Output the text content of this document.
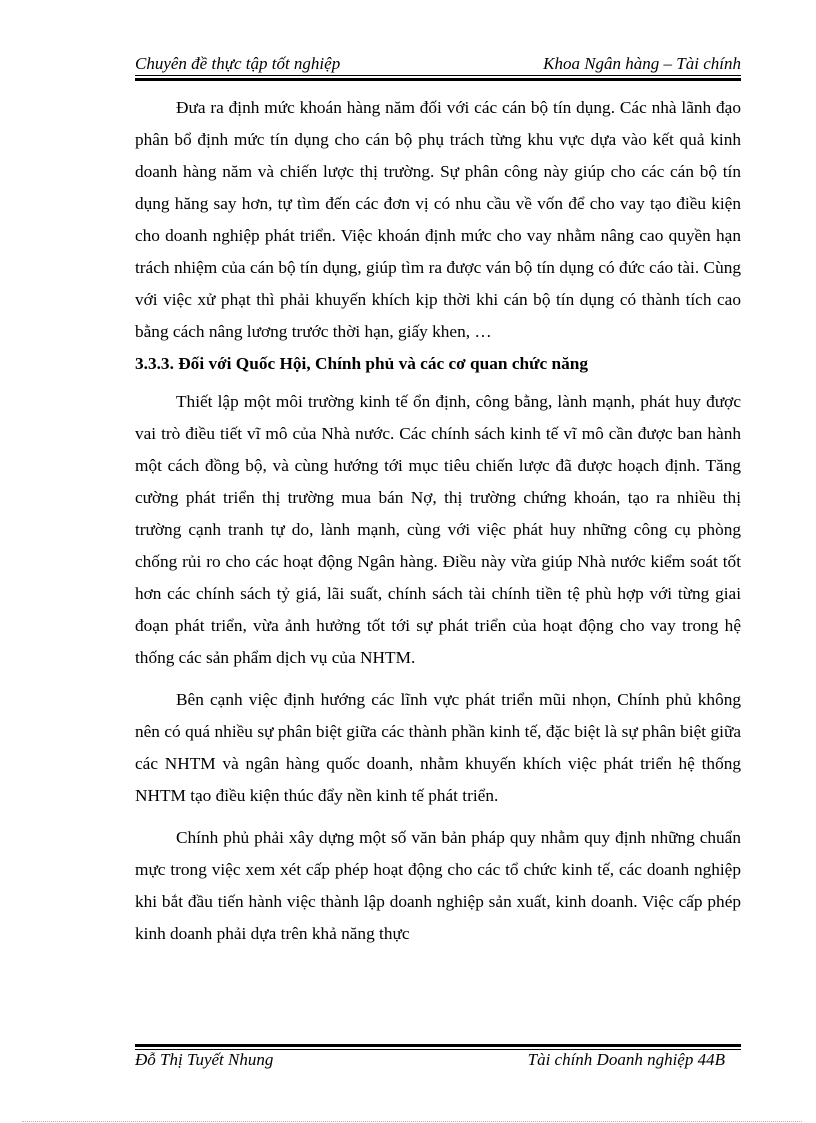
Chuyên đề thực tập tốt nghiệp	Khoa Ngân hàng – Tài chính

Đưa ra định mức khoán hàng năm đối với các cán bộ tín dụng. Các nhà lãnh đạo phân bổ định mức tín dụng cho cán bộ phụ trách từng khu vực dựa vào kết quả kinh doanh hàng năm và chiến lược thị trường. Sự phân công này giúp cho các cán bộ tín dụng hăng say hơn, tự tìm đến các đơn vị có nhu cầu về vốn để cho vay tạo điều kiện cho doanh nghiệp phát triển. Việc khoán định mức cho vay nhằm nâng cao quyền hạn trách nhiệm của cán bộ tín dụng, giúp tìm ra được ván bộ tín dụng có đức cáo tài. Cùng với việc xử phạt thì phải khuyến khích kịp thời khi cán bộ tín dụng có thành tích cao bằng cách nâng lương trước thời hạn, giấy khen, …

3.3.3. Đối với Quốc Hội, Chính phủ và các cơ quan chức năng

Thiết lập một môi trường kinh tế ổn định, công bằng, lành mạnh, phát huy được vai trò điều tiết vĩ mô của Nhà nước. Các chính sách kinh tế vĩ mô cần được ban hành một cách đồng bộ, và cùng hướng tới mục tiêu chiến lược đã được hoạch định. Tăng cường phát triển thị trường mua bán Nợ, thị trường chứng khoán, tạo ra nhiều thị trường cạnh tranh tự do, lành mạnh, cùng với việc phát huy những công cụ phòng chống rủi ro cho các hoạt động Ngân hàng. Điều này vừa giúp Nhà nước kiểm soát tốt hơn các chính sách tỷ giá, lãi suất, chính sách tài chính tiền tệ phù hợp với từng giai đoạn phát triển, vừa ảnh hưởng tốt tới sự phát triển của hoạt động cho vay trong hệ thống các sản phẩm dịch vụ của NHTM.

Bên cạnh việc định hướng các lĩnh vực phát triển mũi nhọn, Chính phủ không nên có quá nhiều sự phân biệt giữa các thành phần kinh tế, đặc biệt là sự phân biệt giữa các NHTM và ngân hàng quốc doanh, nhằm khuyến khích việc phát triển hệ thống NHTM tạo điều kiện thúc đẩy nền kinh tế phát triển.

Chính phủ phải xây dựng một số văn bản pháp quy nhằm quy định những chuẩn mực trong việc xem xét cấp phép hoạt động cho các tổ chức kinh tế, các doanh nghiệp khi bắt đầu tiến hành việc thành lập doanh nghiệp sản xuất, kinh doanh. Việc cấp phép kinh doanh phải dựa trên khả năng thực

Đỗ Thị Tuyết Nhung	Tài chính Doanh nghiệp 44B
